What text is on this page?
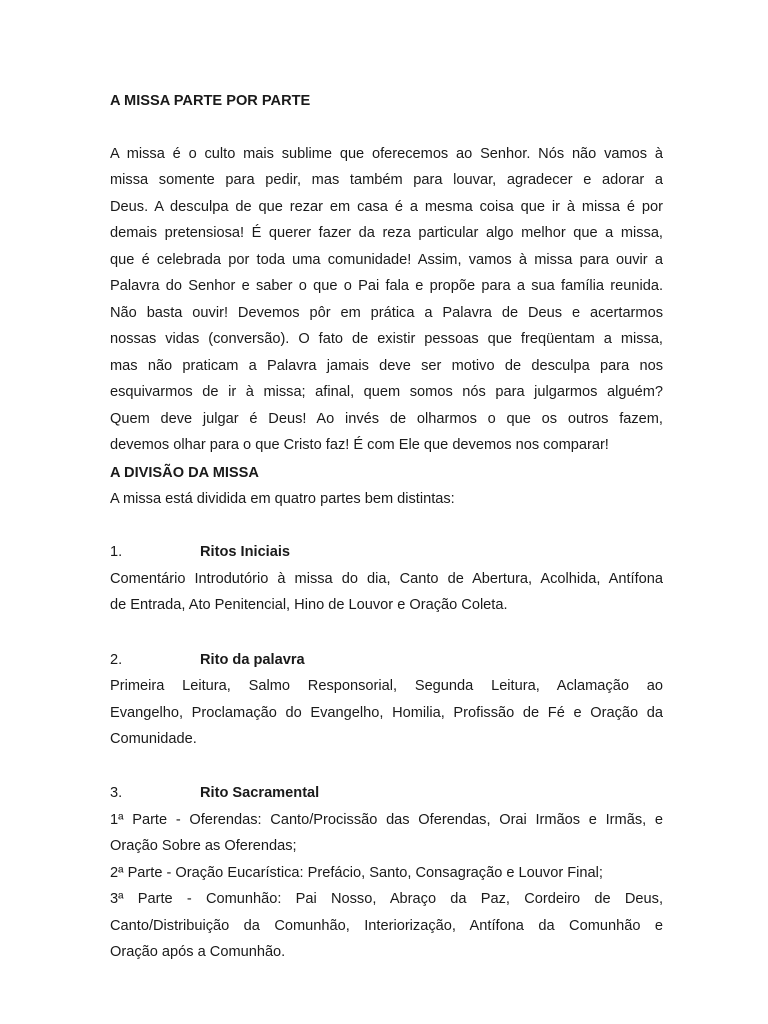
A MISSA PARTE POR PARTE
A missa é o culto mais sublime que oferecemos ao Senhor. Nós não vamos à
missa somente para pedir, mas também para louvar, agradecer e adorar a
Deus. A desculpa de que rezar em casa é a mesma coisa que ir à missa é por
demais pretensiosa! É querer fazer da reza particular algo melhor que a missa,
que é celebrada por toda uma comunidade! Assim, vamos à missa para ouvir a
Palavra do Senhor e saber o que o Pai fala e propõe para a sua família reunida.
Não basta ouvir! Devemos pôr em prática a Palavra de Deus e acertarmos
nossas vidas (conversão). O fato de existir pessoas que freqüentam a missa,
mas não praticam a Palavra jamais deve ser motivo de desculpa para nos
esquivarmos de ir à missa; afinal, quem somos nós para julgarmos alguém?
Quem deve julgar é Deus! Ao invés de olharmos o que os outros fazem,
devemos olhar para o que Cristo faz! É com Ele que devemos nos comparar!
A DIVISÃO DA MISSA
A missa está dividida em quatro partes bem distintas:
1.	Ritos Iniciais
Comentário Introdutório à missa do dia, Canto de Abertura, Acolhida, Antífona
de Entrada, Ato Penitencial, Hino de Louvor e Oração Coleta.
2.	Rito da palavra
Primeira Leitura, Salmo Responsorial, Segunda Leitura, Aclamação ao
Evangelho, Proclamação do Evangelho, Homilia, Profissão de Fé e Oração da
Comunidade.
3.	Rito Sacramental
1ª Parte - Oferendas: Canto/Procissão das Oferendas, Orai Irmãos e Irmãs, e
Oração Sobre as Oferendas;
2ª Parte - Oração Eucarística: Prefácio, Santo, Consagração e Louvor Final;
3ª Parte - Comunhão: Pai Nosso, Abraço da Paz, Cordeiro de Deus,
Canto/Distribuição da Comunhão, Interiorização, Antífona da Comunhão e
Oração após a Comunhão.
